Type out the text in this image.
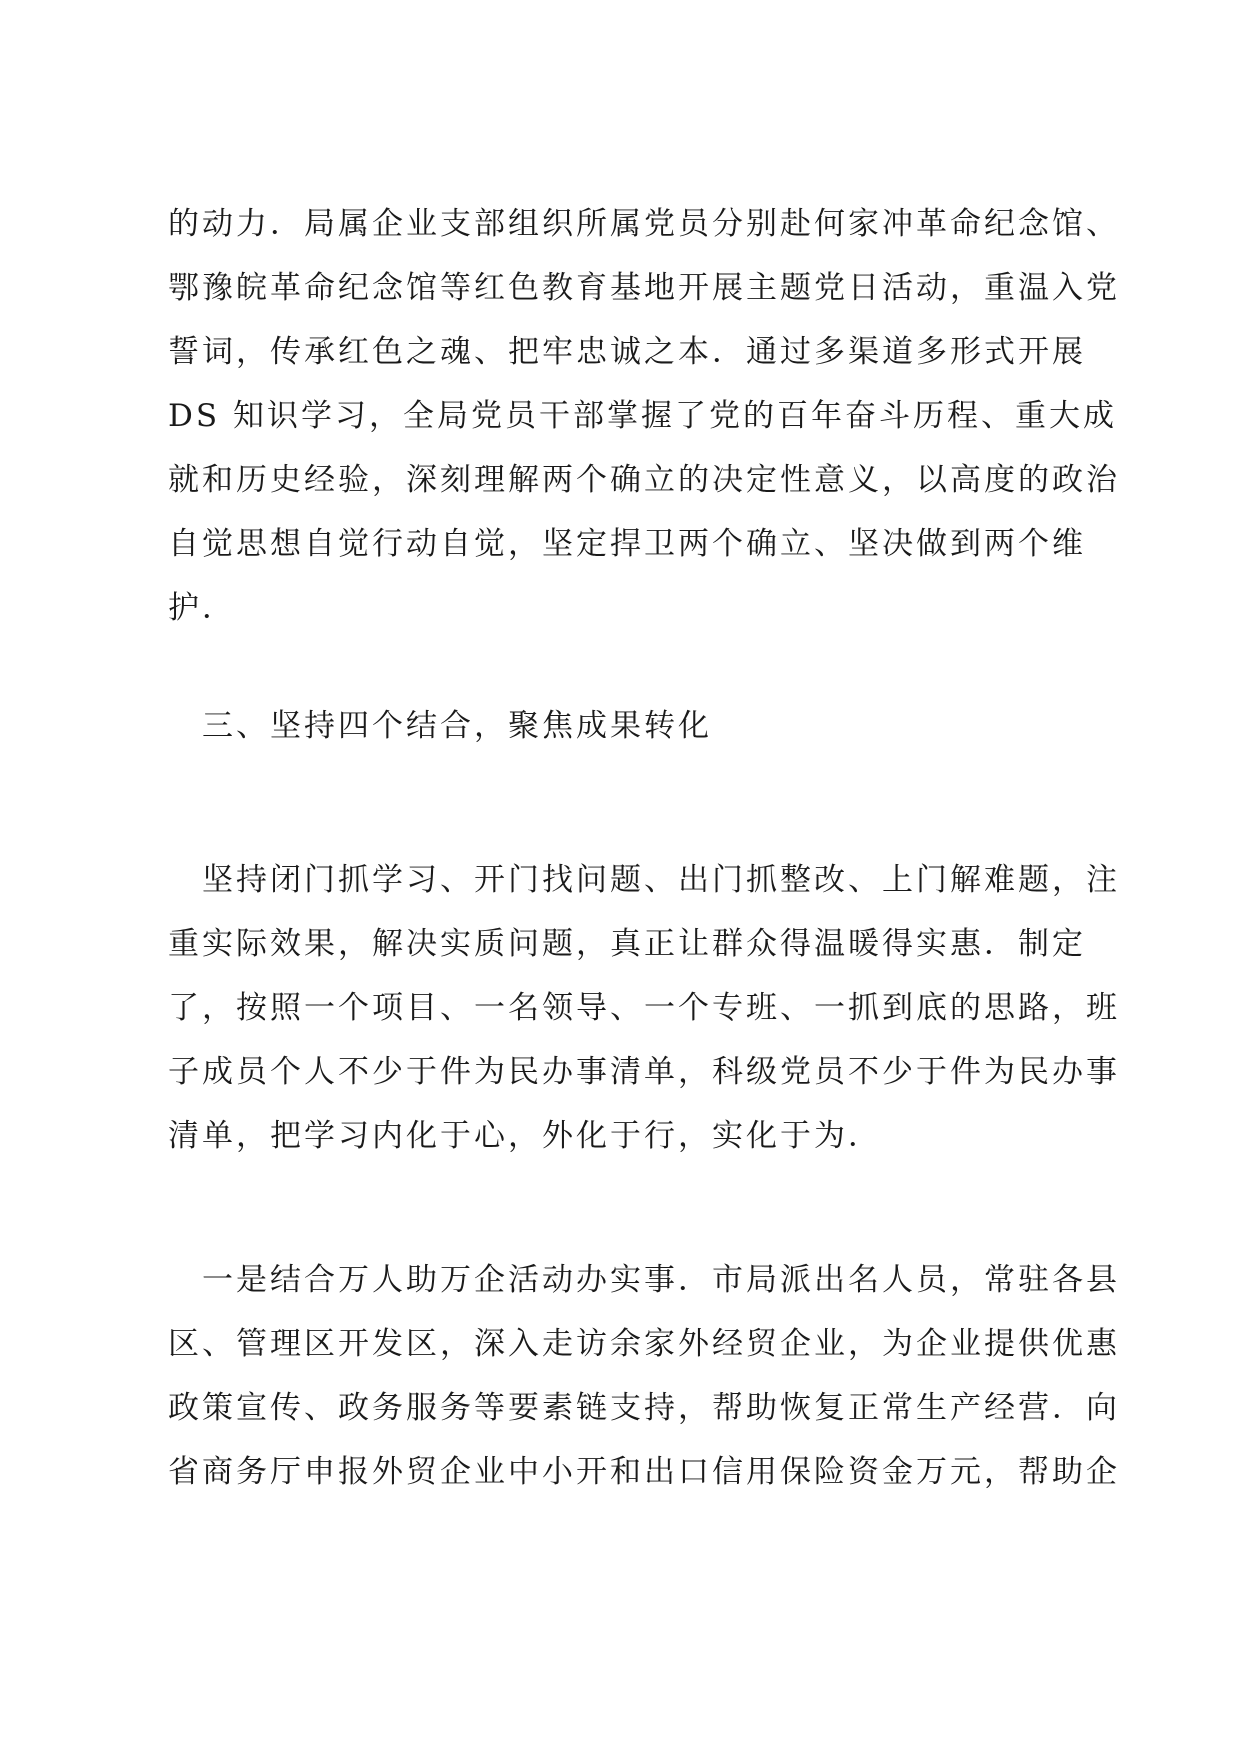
的动力．局属企业支部组织所属党员分别赴何家冲革命纪念馆、
鄂豫皖革命纪念馆等红色教育基地开展主题党日活动，重温入党
誓词，传承红色之魂、把牢忠诚之本．通过多渠道多形式开展
DS 知识学习，全局党员干部掌握了党的百年奋斗历程、重大成
就和历史经验，深刻理解两个确立的决定性意义，以高度的政治
自觉思想自觉行动自觉，坚定捍卫两个确立、坚决做到两个维
护．
三、坚持四个结合，聚焦成果转化
坚持闭门抓学习、开门找问题、出门抓整改、上门解难题，注
重实际效果，解决实质问题，真正让群众得温暖得实惠．制定
了，按照一个项目、一名领导、一个专班、一抓到底的思路，班
子成员个人不少于件为民办事清单，科级党员不少于件为民办事
清单，把学习内化于心，外化于行，实化于为．
一是结合万人助万企活动办实事．市局派出名人员，常驻各县
区、管理区开发区，深入走访余家外经贸企业，为企业提供优惠
政策宣传、政务服务等要素链支持，帮助恢复正常生产经营．向
省商务厅申报外贸企业中小开和出口信用保险资金万元，帮助企
